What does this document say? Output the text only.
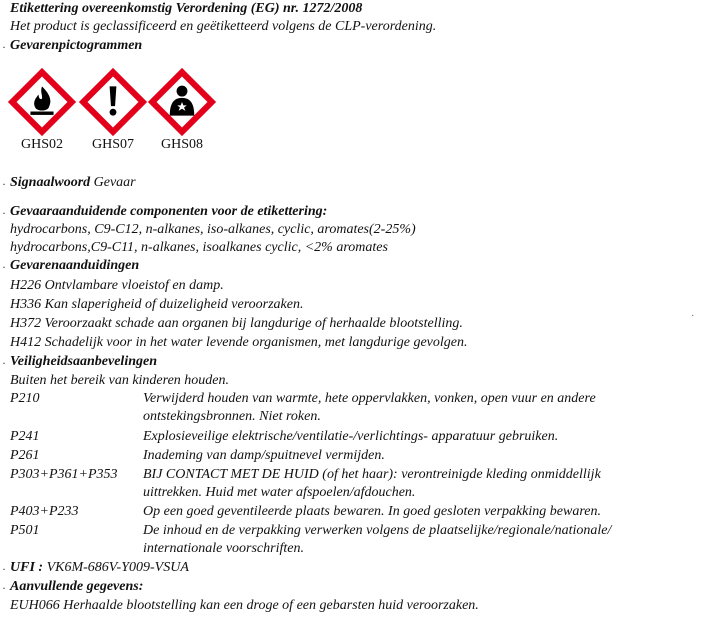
Etikettering overeenkomstig Verordening (EG) nr. 1272/2008
Het product is geclassificeerd en geëtiketteerd volgens de CLP-verordening.
· Gevarenpictogrammen
GHS02	GHS07	GHS08
· Signaalwoord Gevaar
· Gevaaraanduidende componenten voor de etikettering:
hydrocarbons, C9-C12, n-alkanes, iso-alkanes, cyclic, aromates(2-25%)
hydrocarbons,C9-C11, n-alkanes, isoalkanes cyclic, <2% aromates
· Gevarenaanduidingen
H226 Ontvlambare vloeistof en damp.
H336 Kan slaperigheid of duizeligheid veroorzaken.
H372 Veroorzaakt schade aan organen bij langdurige of herhaalde blootstelling.
H412 Schadelijk voor in het water levende organismen, met langdurige gevolgen.
.
· Veiligheidsaanbevelingen
Buiten het bereik van kinderen houden.
P210	Verwijderd houden van warmte, hete oppervlakken, vonken, open vuur en andere
ontstekingsbronnen. Niet roken.
P241	Explosieveilige elektrische/ventilatie-/verlichtings- apparatuur gebruiken.
P261	Inademing van damp/spuitnevel vermijden.
P303+P361+P353 BIJ CONTACT MET DE HUID (of het haar): verontreinigde kleding onmiddellijk
uittrekken. Huid met water afspoelen/afdouchen.
P403+P233	Op een goed geventileerde plaats bewaren. In goed gesloten verpakking bewaren.
P501	De inhoud en de verpakking verwerken volgens de plaatselijke/regionale/nationale/
internationale voorschriften.
· UFI : VK6M-686V-Y009-VSUA
· Aanvullende gegevens:
EUH066 Herhaalde blootstelling kan een droge of een gebarsten huid veroorzaken.
